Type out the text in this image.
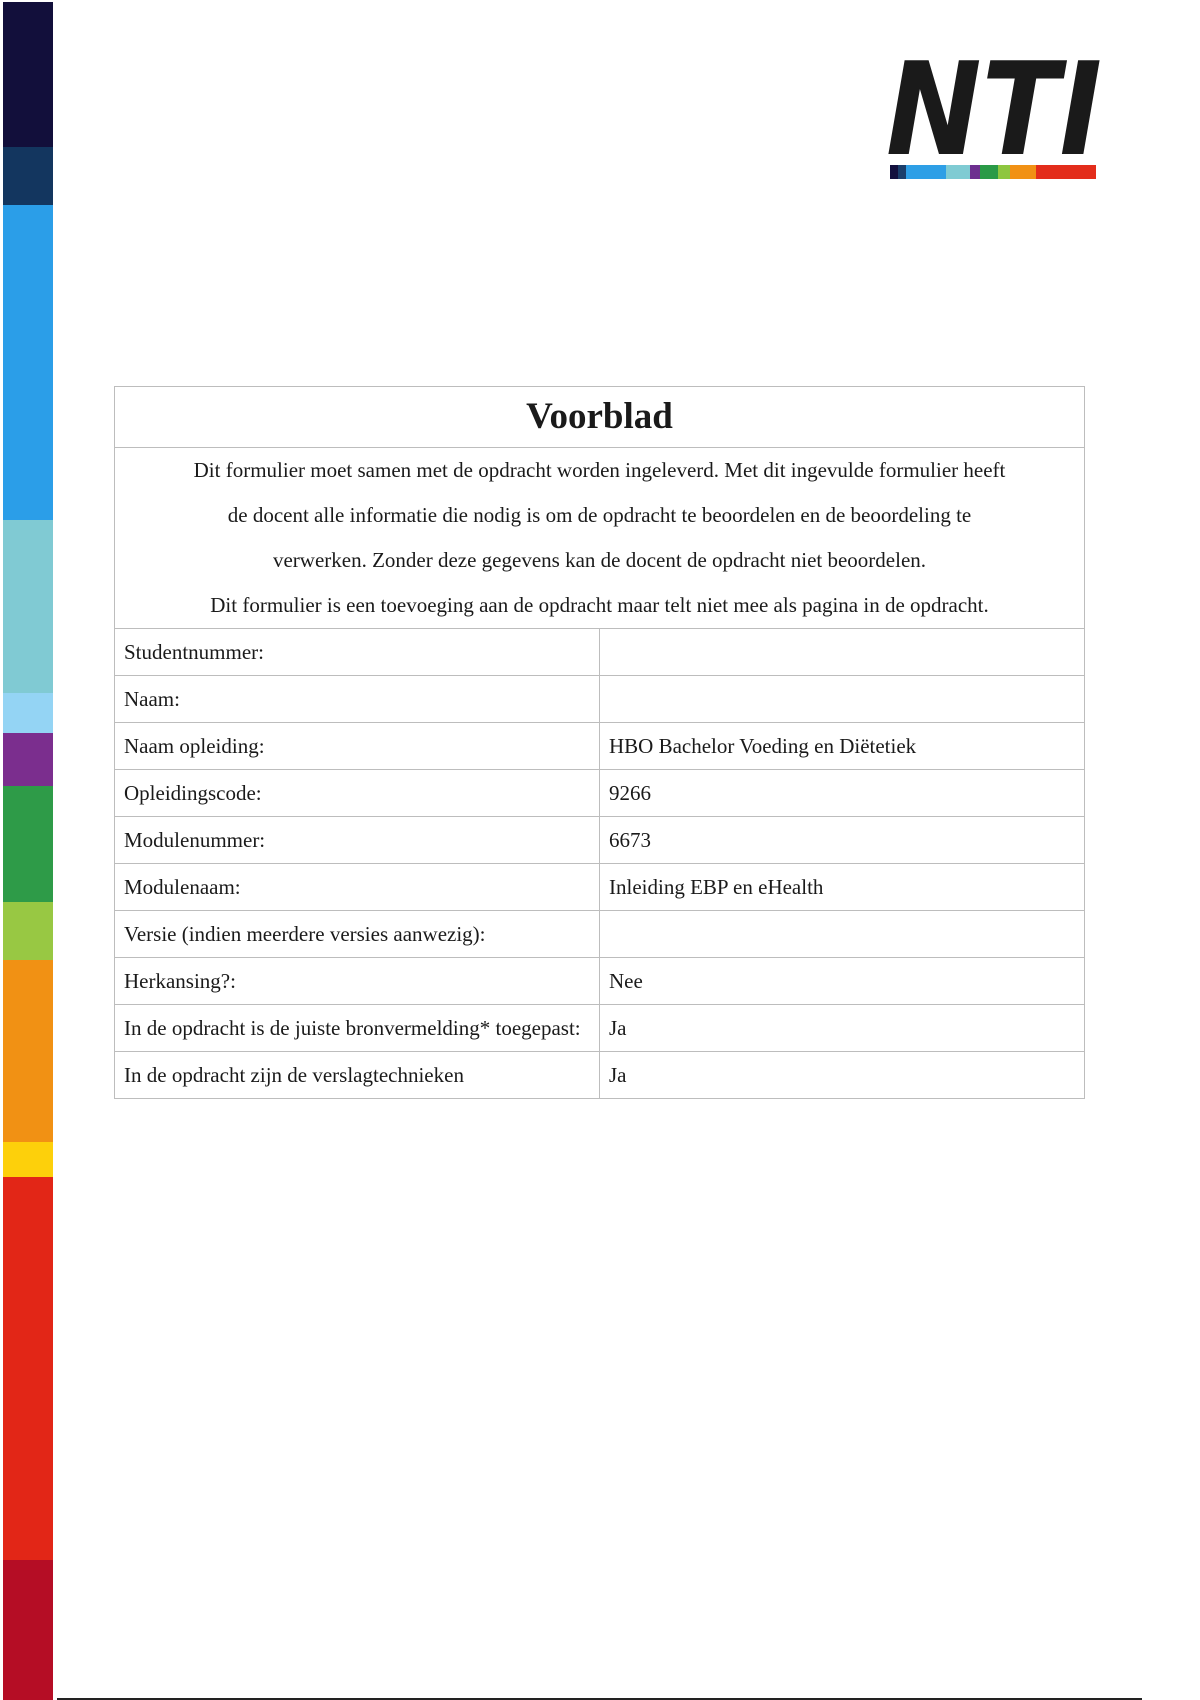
NTI
Voorblad	

Dit formulier moet samen met de opdracht worden ingeleverd. Met dit ingevulde formulier heeft

de docent alle informatie die nodig is om de opdracht te beoordelen en de beoordeling te

verwerken. Zonder deze gegevens kan de docent de opdracht niet beoordelen.

Dit formulier is een toevoeging aan de opdracht maar telt niet mee als pagina in de opdracht.	

Studentnummer:	
Naam:	
Naam opleiding:	HBO Bachelor Voeding en Diëtetiek
Opleidingscode:	9266
Modulenummer:	6673
Modulenaam:	Inleiding EBP en eHealth
Versie (indien meerdere versies aanwezig):	
Herkansing?:	Nee
In de opdracht is de juiste bronvermelding* toegepast:	Ja
In de opdracht zijn de verslagtechnieken	Ja
